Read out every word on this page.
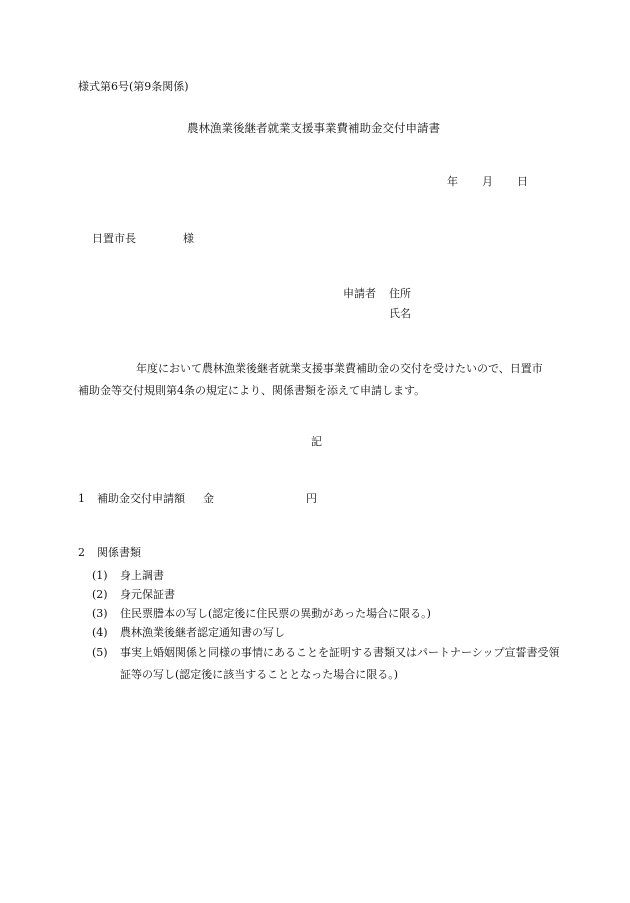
様式第6号(第9条関係)
農林漁業後継者就業支援事業費補助金交付申請書
年 月 日
日置市長	様
申請者 住所
氏名
年度において農林漁業後継者就業支援事業費補助金の交付を受けたいので、日置市補助金等交付規則第4条の規定により、関係書類を添えて申請します。
記
1 補助金交付申請額 金	円
2 関係書類
(1)	身上調書
(2)	身元保証書
(3)	住民票謄本の写し(認定後に住民票の異動があった場合に限る。)
(4)	農林漁業後継者認定通知書の写し
(5)	事実上婚姻関係と同様の事情にあることを証明する書類又はパートナーシップ宣誓書受領証等の写し(認定後に該当することとなった場合に限る。)
